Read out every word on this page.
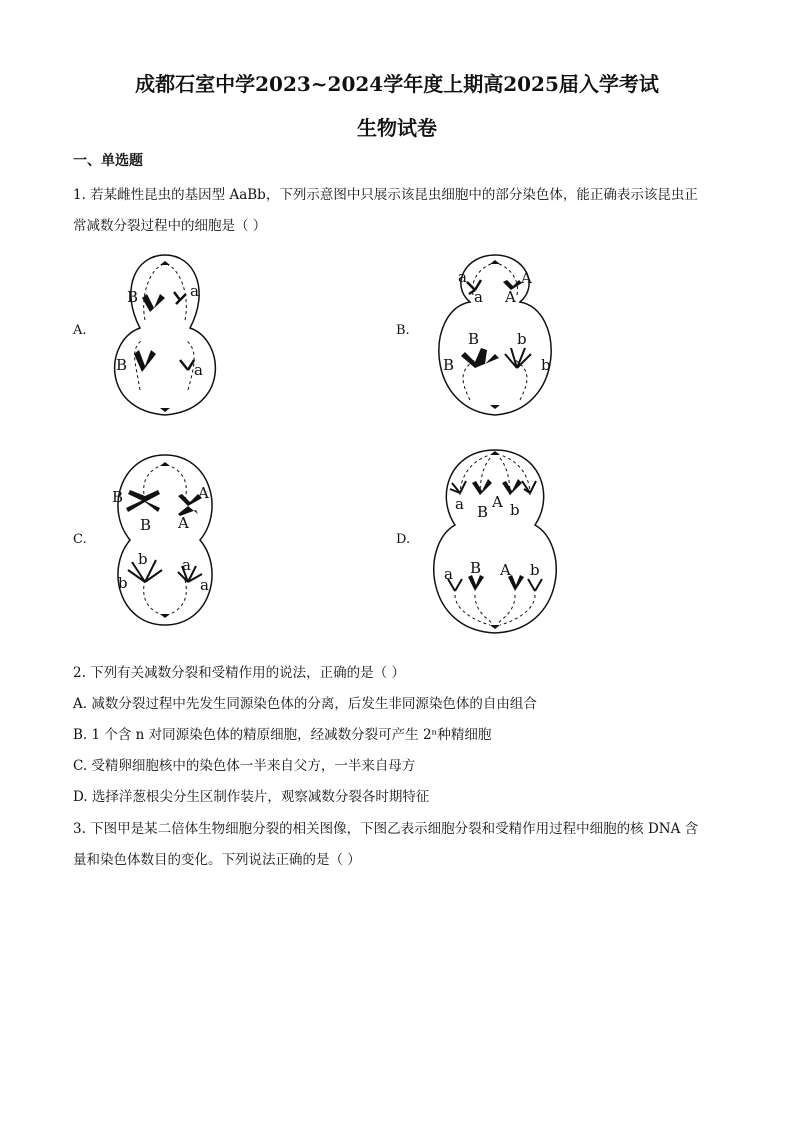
成都石室中学2023~2024学年度上期高2025届入学考试
生物试卷
一、单选题
1. 若某雌性昆虫的基因型 AaBb，下列示意图中只展示该昆虫细胞中的部分染色体，能正确表示该昆虫正
常减数分裂过程中的细胞是（ ）
A.	B.
C.	D.
B	a
B	a
a	A
a A
B
B
b
b
B
B
A
A
b
b
a
a
a B
A b
a B A b
2. 下列有关减数分裂和受精作用的说法，正确的是（ ）
A. 减数分裂过程中先发生同源染色体的分离，后发生非同源染色体的自由组合
B. 1 个含 n 对同源染色体的精原细胞，经减数分裂可产生 2ⁿ种精细胞
C. 受精卵细胞核中的染色体一半来自父方，一半来自母方
D. 选择洋葱根尖分生区制作装片，观察减数分裂各时期特征
3. 下图甲是某二倍体生物细胞分裂的相关图像，下图乙表示细胞分裂和受精作用过程中细胞的核 DNA 含
量和染色体数目的变化。下列说法正确的是（ ）
